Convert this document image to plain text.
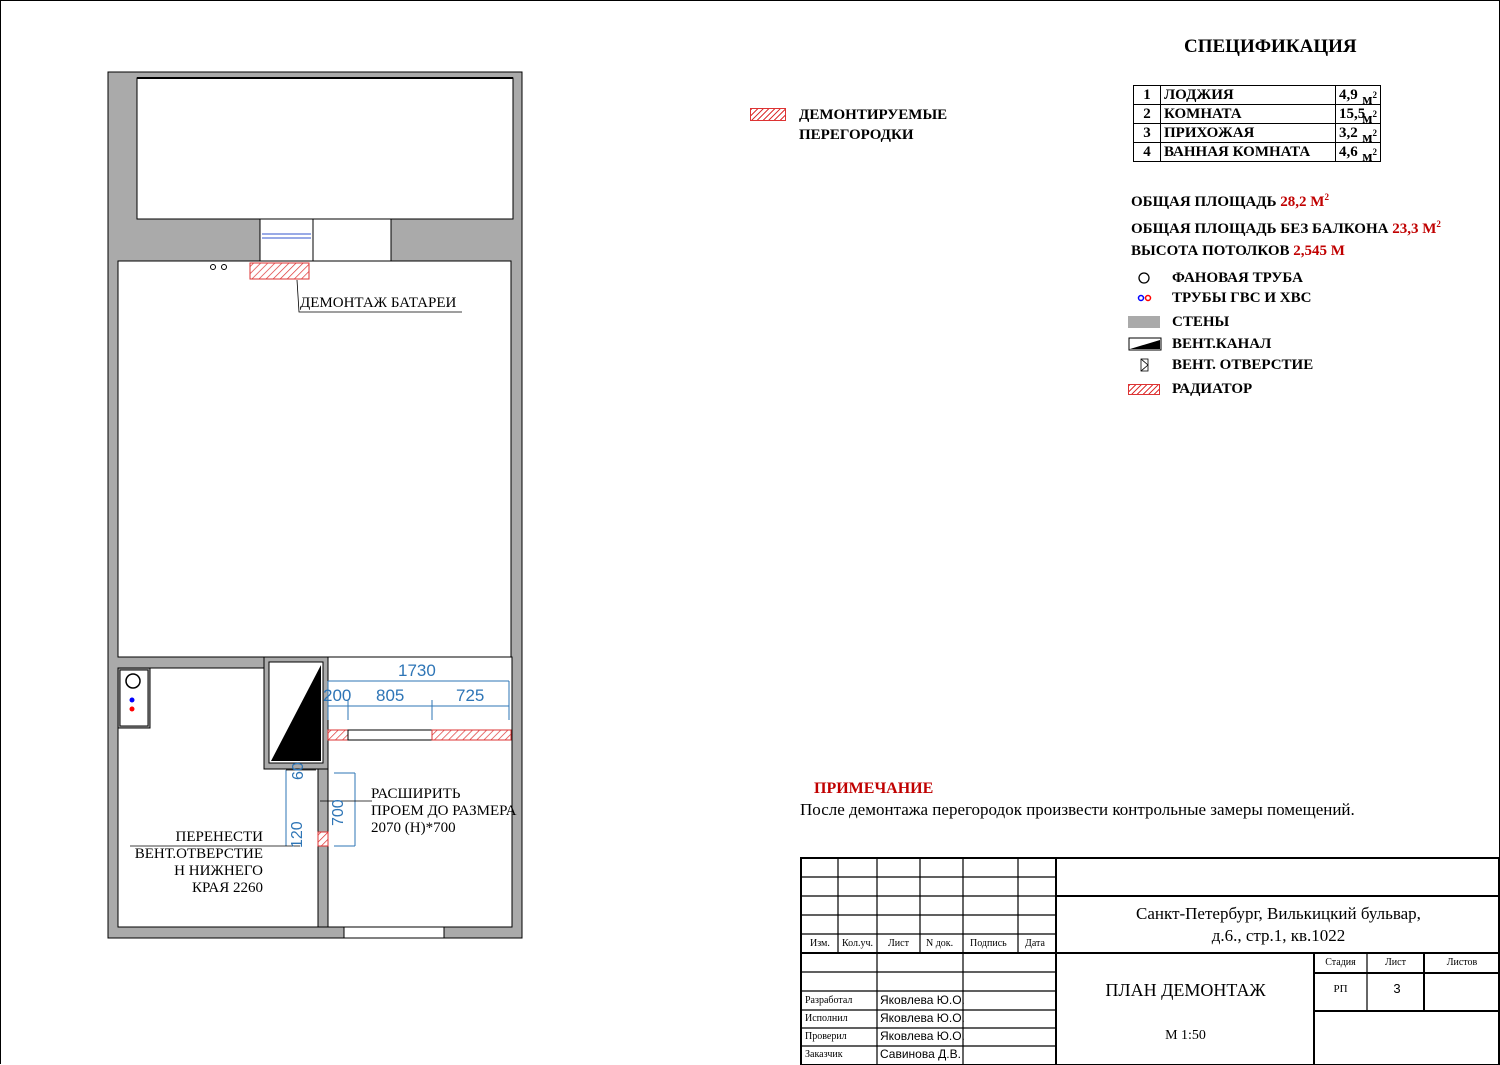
ДЕМОНТАЖ БАТАРЕИ
1730
200 805	725
700
60
120
РАСШИРИТЬ
ПРОЕМ ДО РАЗМЕРА
2070 (Н)*700
ПЕРЕНЕСТИ
ВЕНТ.ОТВЕРСТИЕ
Н НИЖНЕГО
КРАЯ 2260
ДЕМОНТИРУЕМЫЕ
ПЕРЕГОРОДКИ
СПЕЦИФИКАЦИЯ
1	ЛОДЖИЯ	4,9 $м^2$

2	КОМНАТА	15,5
$м^2$

3	ПРИХОЖАЯ	3,2 $м^2$

4	ВАННАЯ КОМНАТА	4,6 $м^2$
ОБЩАЯ ПЛОЩАДЬ 28,2 $М^2$
ОБЩАЯ ПЛОЩАДЬ БЕЗ БАЛКОНА 23,3 $М^2$
ВЫСОТА ПОТОЛКОВ 2,545 М
ФАНОВАЯ ТРУБА
ТРУБЫ ГВС И ХВС
СТЕНЫ
ВЕНТ.КАНАЛ
ВЕНТ. ОТВЕРСТИЕ
РАДИАТОР
ПРИМЕЧАНИЕ
После демонтажа перегородок произвести контрольные замеры помещений.
Изм. Кол.уч. Лист N док. Подпись Дата
Разработал Яковлева Ю.О.
Исполнил	Яковлева Ю.О.
Проверил	Яковлева Ю.О.
Заказчик	Савинова Д.В.
Санкт-Петербург, Вилькицкий бульвар,
д.6., стр.1, кв.1022
ПЛАН ДЕМОНТАЖ
М 1:50
Стадия	Лист	Листов
РП	3
